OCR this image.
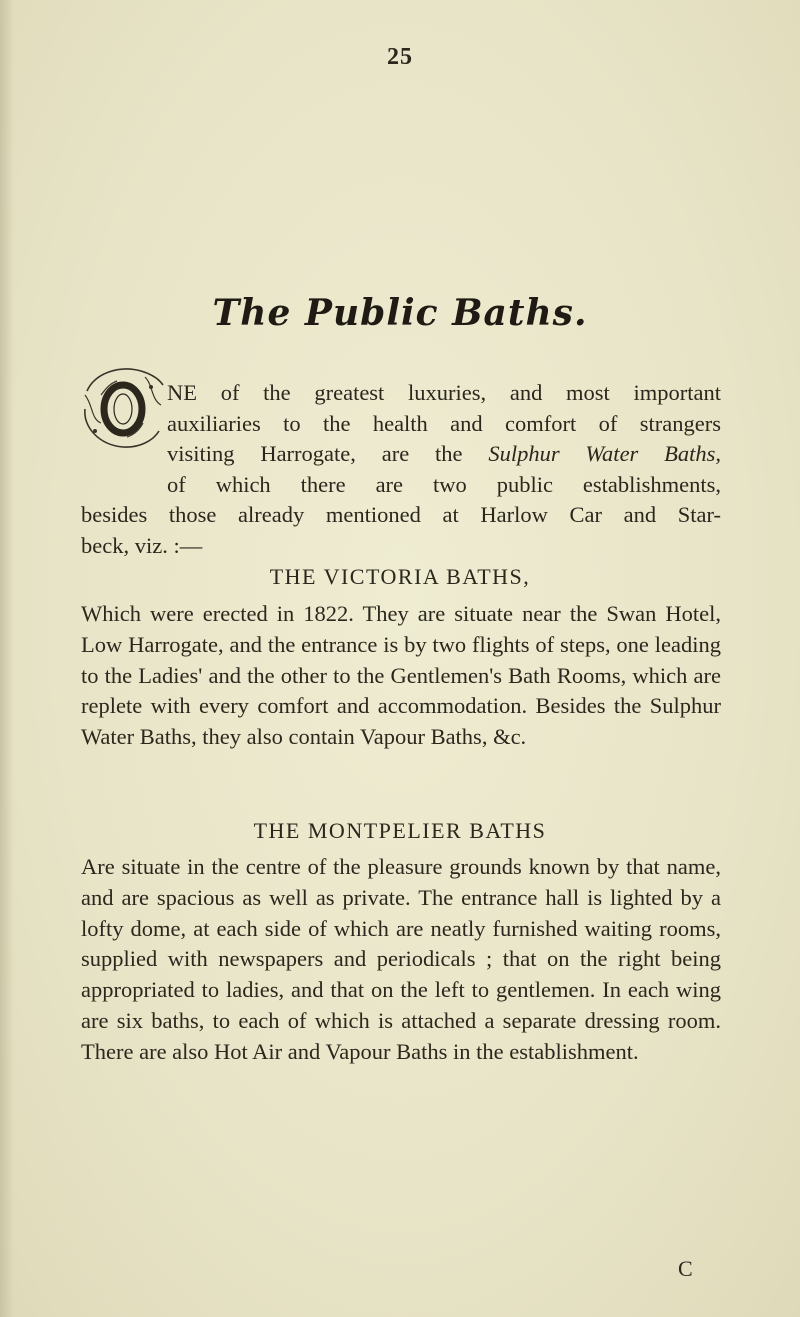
25
The Public Baths.
NE of the greatest luxuries, and most important
auxiliaries to the health and comfort of strangers
visiting Harrogate, are the Sulphur Water Baths,
of which there are two public establishments,
besides those already mentioned at Harlow Car and Star-
beck, viz. :—
THE VICTORIA BATHS,
Which were erected in 1822. They are situate near the Swan Hotel, Low Harrogate, and the entrance is by two flights of steps, one leading to the Ladies' and the other to the Gentlemen's Bath Rooms, which are replete with every comfort and accommodation. Besides the Sulphur Water Baths, they also contain Vapour Baths, &c.
THE MONTPELIER BATHS
Are situate in the centre of the pleasure grounds known by that name, and are spacious as well as private. The entrance hall is lighted by a lofty dome, at each side of which are neatly furnished waiting rooms, supplied with newspapers and periodicals ; that on the right being appropriated to ladies, and that on the left to gentlemen. In each wing are six baths, to each of which is attached a separate dressing room. There are also Hot Air and Vapour Baths in the establishment.
C
